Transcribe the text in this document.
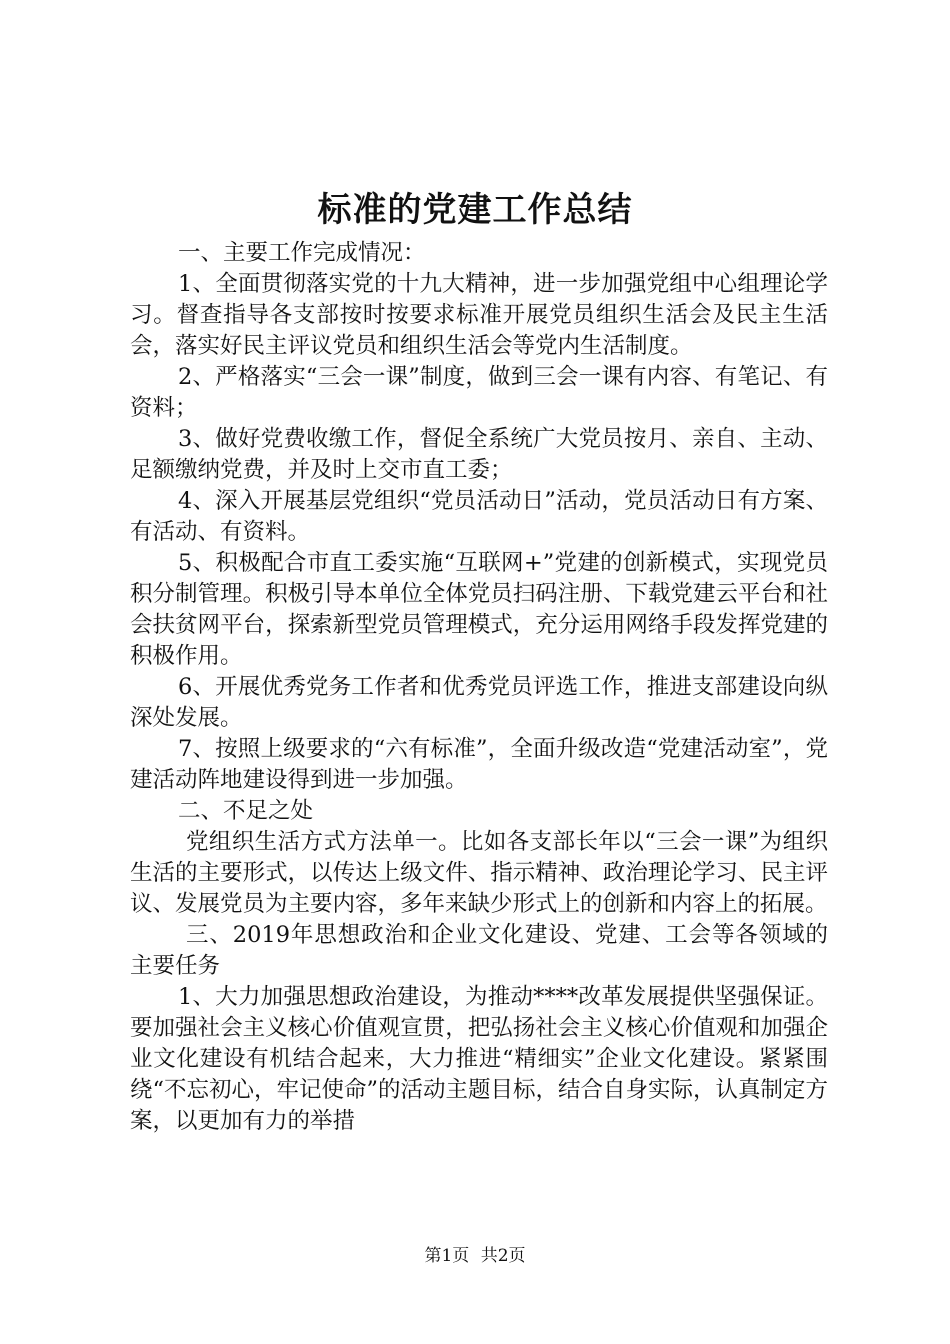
标准的党建工作总结

一、主要工作完成情况：

1、全面贯彻落实党的十九大精神，进一步加强党组中心组理论学习。督查指导各支部按时按要求标准开展党员组织生活会及民主生活会，落实好民主评议党员和组织生活会等党内生活制度。

2、严格落实“三会一课”制度，做到三会一课有内容、有笔记、有资料；

3、做好党费收缴工作，督促全系统广大党员按月、亲自、主动、足额缴纳党费，并及时上交市直工委；

4、深入开展基层党组织“党员活动日”活动，党员活动日有方案、有活动、有资料。

5、积极配合市直工委实施“互联网+”党建的创新模式，实现党员积分制管理。积极引导本单位全体党员扫码注册、下载党建云平台和社会扶贫网平台，探索新型党员管理模式，充分运用网络手段发挥党建的积极作用。

6、开展优秀党务工作者和优秀党员评选工作，推进支部建设向纵深处发展。

7、按照上级要求的“六有标准”，全面升级改造“党建活动室”，党建活动阵地建设得到进一步加强。

二、不足之处

党组织生活方式方法单一。比如各支部长年以“三会一课”为组织生活的主要形式，以传达上级文件、指示精神、政治理论学习、民主评议、发展党员为主要内容，多年来缺少形式上的创新和内容上的拓展。

三、2019年思想政治和企业文化建设、党建、工会等各领域的主要任务

1、大力加强思想政治建设，为推动****改革发展提供坚强保证。要加强社会主义核心价值观宣贯，把弘扬社会主义核心价值观和加强企业文化建设有机结合起来，大力推进“精细实”企业文化建设。紧紧围绕“不忘初心，牢记使命”的活动主题目标，结合自身实际，认真制定方案，以更加有力的举措

第1页 共2页
